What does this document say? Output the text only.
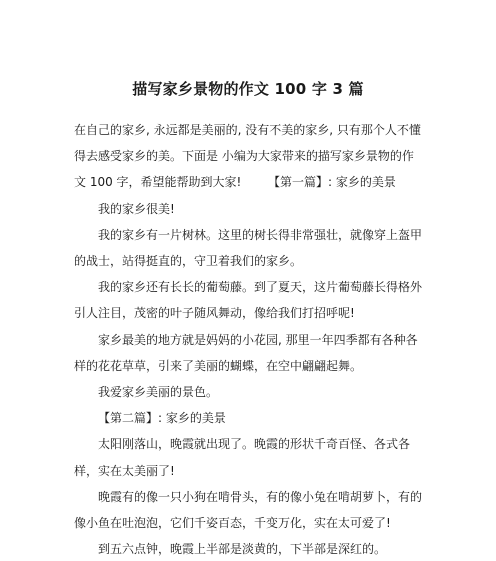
描写家乡景物的作文 100 字 3 篇

在自己的家乡, 永远都是美丽的, 没有不美的家乡, 只有那个人不懂得去感受家乡的美。下面是 小编为大家带来的描写家乡景物的作文 100 字，希望能帮助到大家!       【第一篇】: 家乡的美景

我的家乡很美!

我的家乡有一片树林。这里的树长得非常强壮，就像穿上盔甲的战士，站得挺直的，守卫着我们的家乡。

我的家乡还有长长的葡萄藤。到了夏天，这片葡萄藤长得格外引人注目，茂密的叶子随风舞动，像给我们打招呼呢!

家乡最美的地方就是妈妈的小花园, 那里一年四季都有各种各样的花花草草，引来了美丽的蝴蝶，在空中翩翩起舞。

我爱家乡美丽的景色。

【第二篇】: 家乡的美景

太阳刚落山，晚霞就出现了。晚霞的形状千奇百怪、各式各样，实在太美丽了!

晚霞有的像一只小狗在啃骨头，有的像小兔在啃胡萝卜，有的像小鱼在吐泡泡，它们千姿百态，千变万化，实在太可爱了!

到五六点钟，晚霞上半部是淡黄的，下半部是深红的。
